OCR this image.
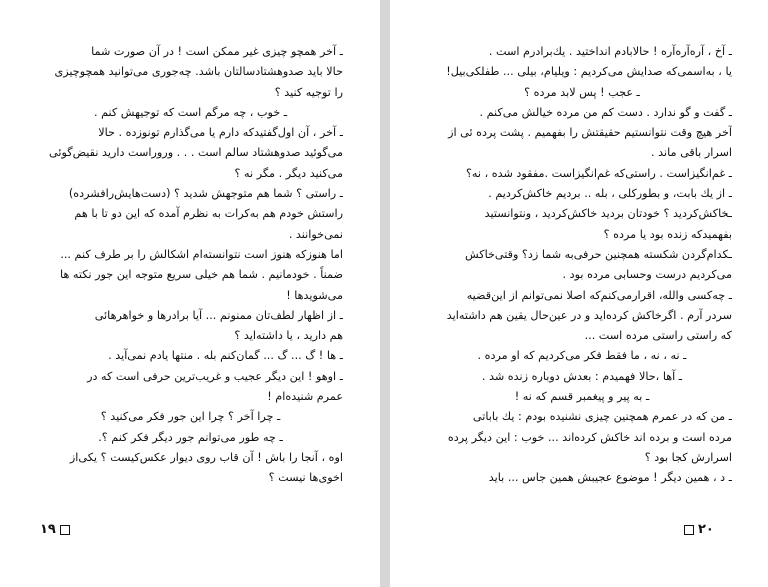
ـ آخر همچو چیزی غیر ممکن است ! در آن صورت شما
حالا باید صدوهشتادسالتان باشد. چه‌جوری می‌توانید همچوچیزی
را توجیه کنید ؟
ـ خوب ، چه مرگم است که توجیهش کنم .
ـ آخر ، آن اول‌گفتیدکه دارم یا می‌گذارم تونوزده . حالا
می‌گوئید صدوهشتاد سالم است . . . وروراست دارید نقیض‌گوئی
می‌کنید دیگر . مگر نه ؟
ـ راستی ؟ شما هم متوجهش شدید ؟ (دست‌هایش‌رافشرده)
راستش خودم هم به‌کرات به نظرم آمده که این دو تا با هم
نمی‌خوانند .
اما هنوزکه هنوز است نتوانسته‌ام اشکالش را بر طرف کنم ...
ضمناً . خودمانیم . شما هم خیلی سریع متوجه این جور نکته ها
می‌شوید‌ها !
ـ از اظهار لطف‌تان ممنونم ... آیا برادرها و خواهرهائی
هم دارید ، یا داشته‌اید ؟
ـ ها ! گ ... گ ... گمان‌کنم بله . منتها یادم نمی‌آید .
ـ اوهو ! این دیگر عجیب و غریب‌ترین حرفی است که در
عمرم شنیده‌ام !
ـ چرا آخر ؟ چرا این جور فکر می‌کنید ؟
ـ چه طور می‌توانم جور دیگر فکر کنم ؟.
اوه ، آنجا را باش ! آن قاب روی دیوار عکس‌کیست ؟ یکی‌از
اخوی‌ها نیست ؟
۱۹
ـ آخ ، آره‌آره‌آره ! حالابادم انداختید . یك‌برادرم است .
یا ، به‌اسمی‌که صدایش می‌کردیم : ویلیام، بیلی ... طفلکی‌بیل!
ـ عجب ! پس لابد مرده ؟
ـ گفت و گو ندارد . دست کم من مرده خیالش می‌کنم .
آخر هیچ وقت نتوانستیم حقیقتش را بفهمیم . پشت پرده ئی از
اسرار باقی ماند .
ـ غم‌انگیزاست . راستی‌که غم‌انگیزاست .مفقود شده ، نه؟
ـ از یك بابت، و بطورکلی ، بله .. بردیم خاکش‌کردیم .
ـخاکش‌کردید ؟ خودتان بردید خاکش‌کردید ، ونتوانستید
بفهمیدکه زنده بود یا مرده ؟
ـکدام‌گردن شکسته همچنین حرفی‌به شما زد؟ وقتی‌خاکش
می‌کردیم درست وحسابی مرده بود .
ـ چه‌کسی والله، اقرارمی‌کنم‌که اصلا نمی‌توانم از این‌قضیه
سردر آرم . اگرخاکش کرده‌اید و در عین‌حال یقین هم داشته‌اید
که راستی راستی مرده است ...
ـ نه ، نه ، ما فقط فکر می‌کردیم که او مرده .
ـ آها ،حالا فهمیدم : بعدش دوباره زنده شد .
ـ به پیر و پیغمبر قسم که نه !
ـ من که در عمرم همچنین چیزی نشنیده بودم : یك باباتی
مرده است و برده اند خاکش کرده‌اند ... خوب : این دیگر پرده
اسرارش کجا بود ؟
ـ د ، همین دیگر ! موضوع عجیبش همین جاس ... باید
۲۰
